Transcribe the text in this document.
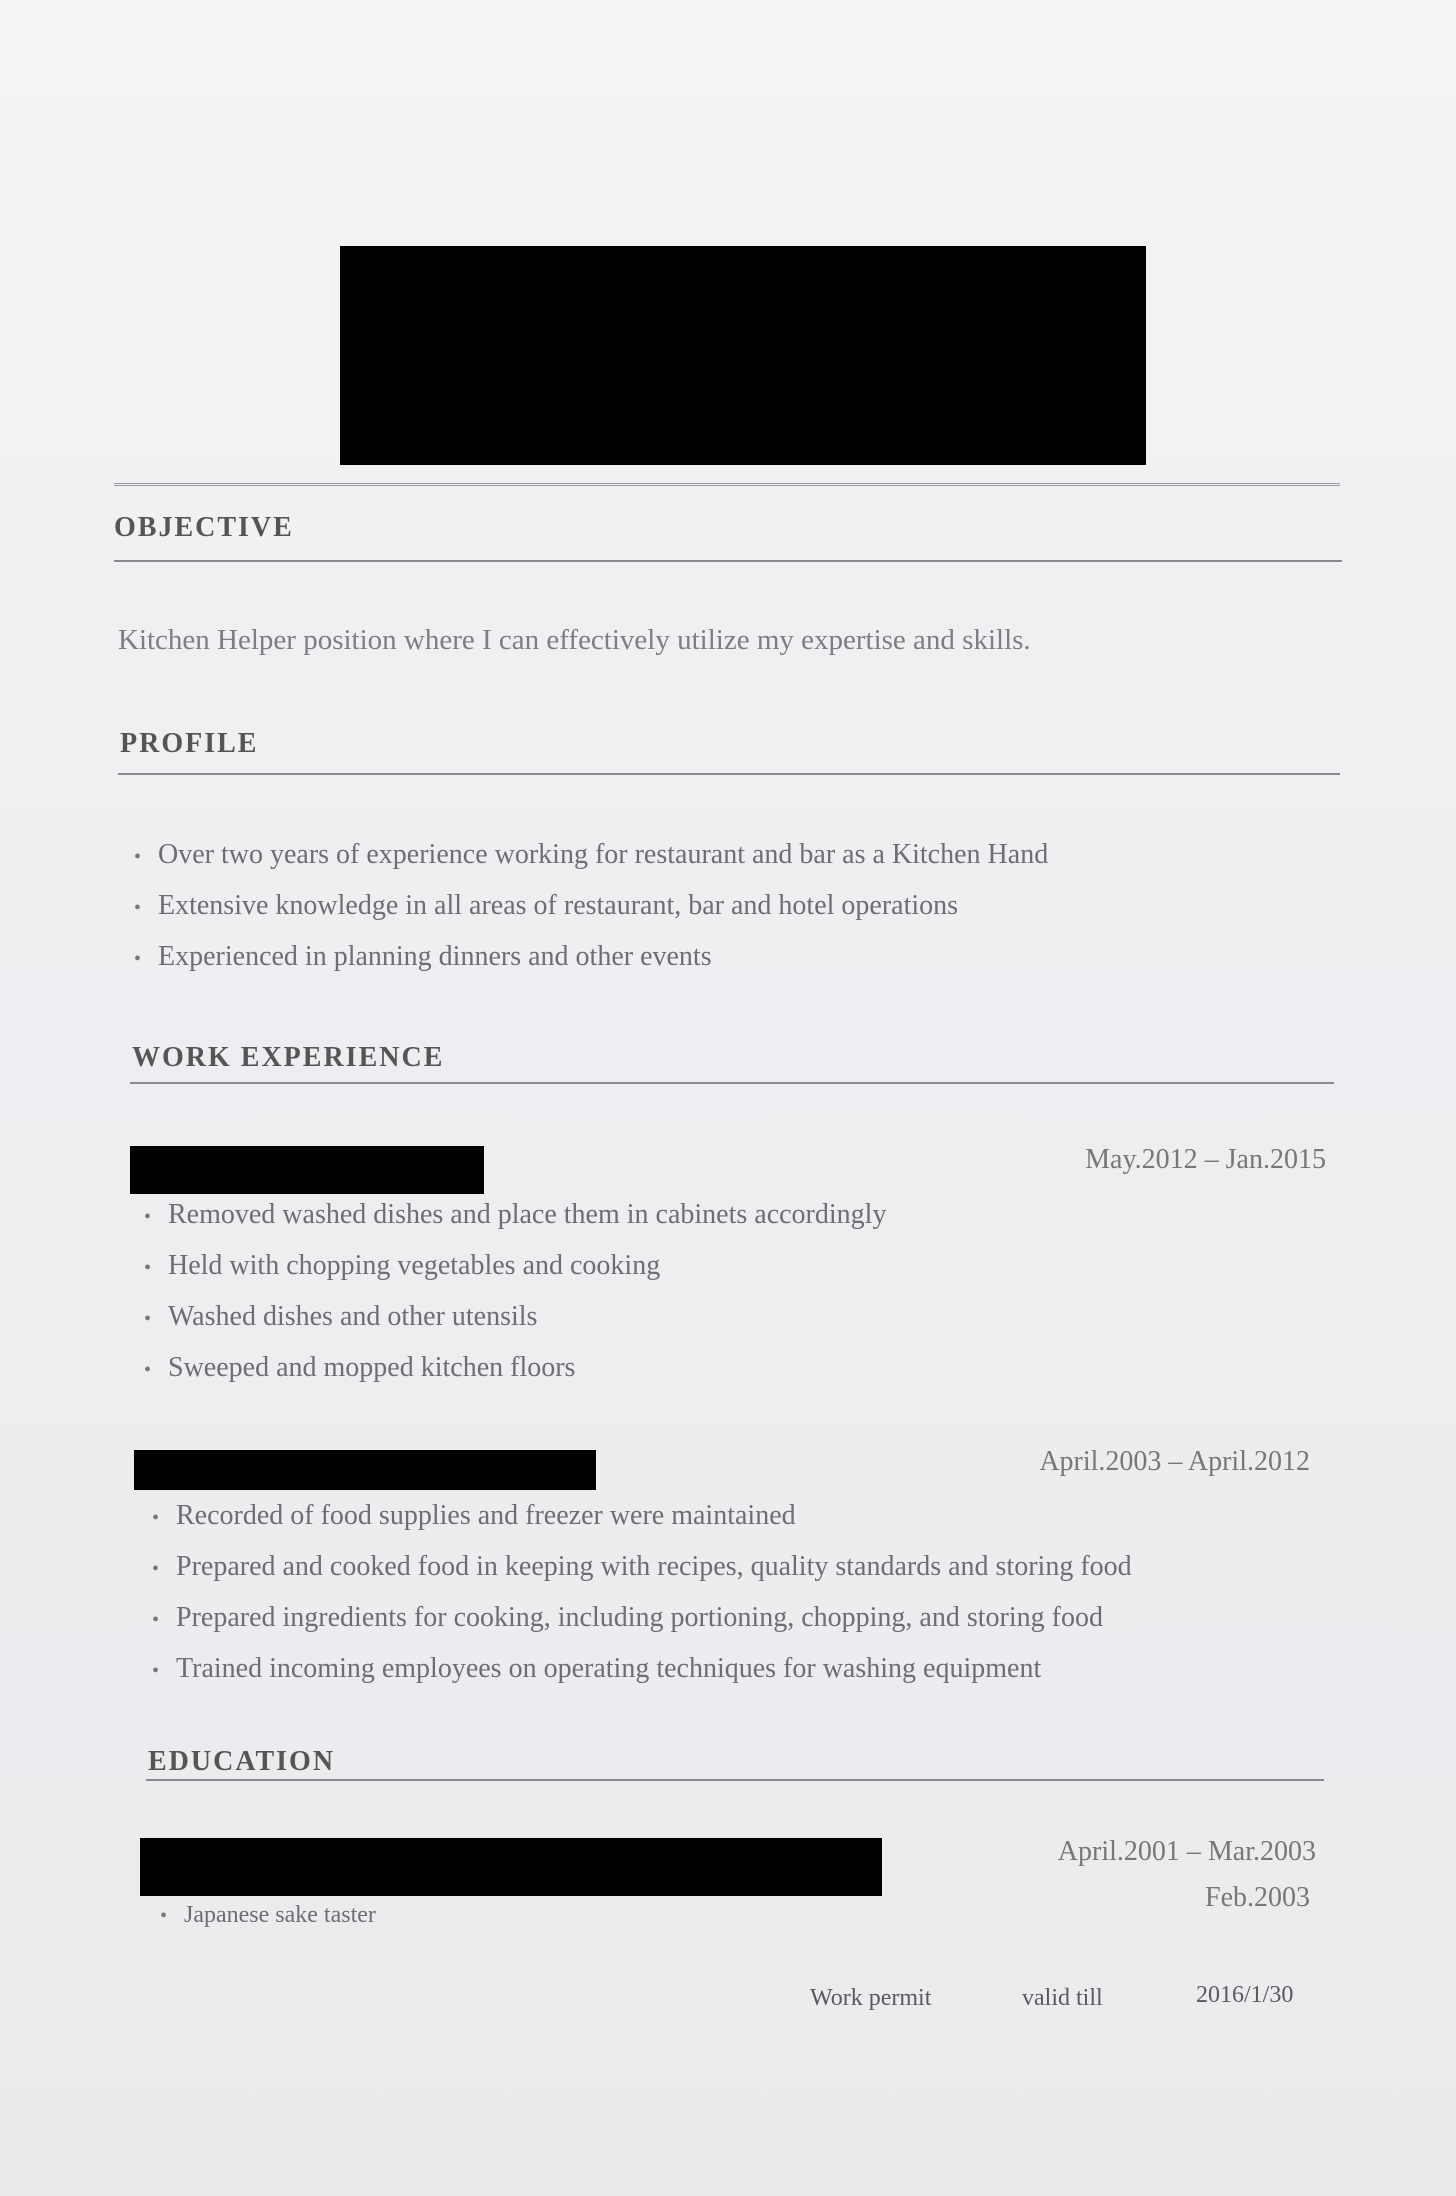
OBJECTIVE
Kitchen Helper position where I can effectively utilize my expertise and skills.
PROFILE
• Over two years of experience working for restaurant and bar as a Kitchen Hand
• Extensive knowledge in all areas of restaurant, bar and hotel operations
• Experienced in planning dinners and other events
WORK EXPERIENCE
May.2012 – Jan.2015
• Removed washed dishes and place them in cabinets accordingly
• Held with chopping vegetables and cooking
• Washed dishes and other utensils
• Sweeped and mopped kitchen floors
April.2003 – April.2012
• Recorded of food supplies and freezer were maintained
• Prepared and cooked food in keeping with recipes, quality standards and storing food
• Prepared ingredients for cooking, including portioning, chopping, and storing food
• Trained incoming employees on operating techniques for washing equipment
EDUCATION
April.2001 – Mar.2003
Feb.2003
• Japanese sake taster
Work permit	valid till	2016/1/30
